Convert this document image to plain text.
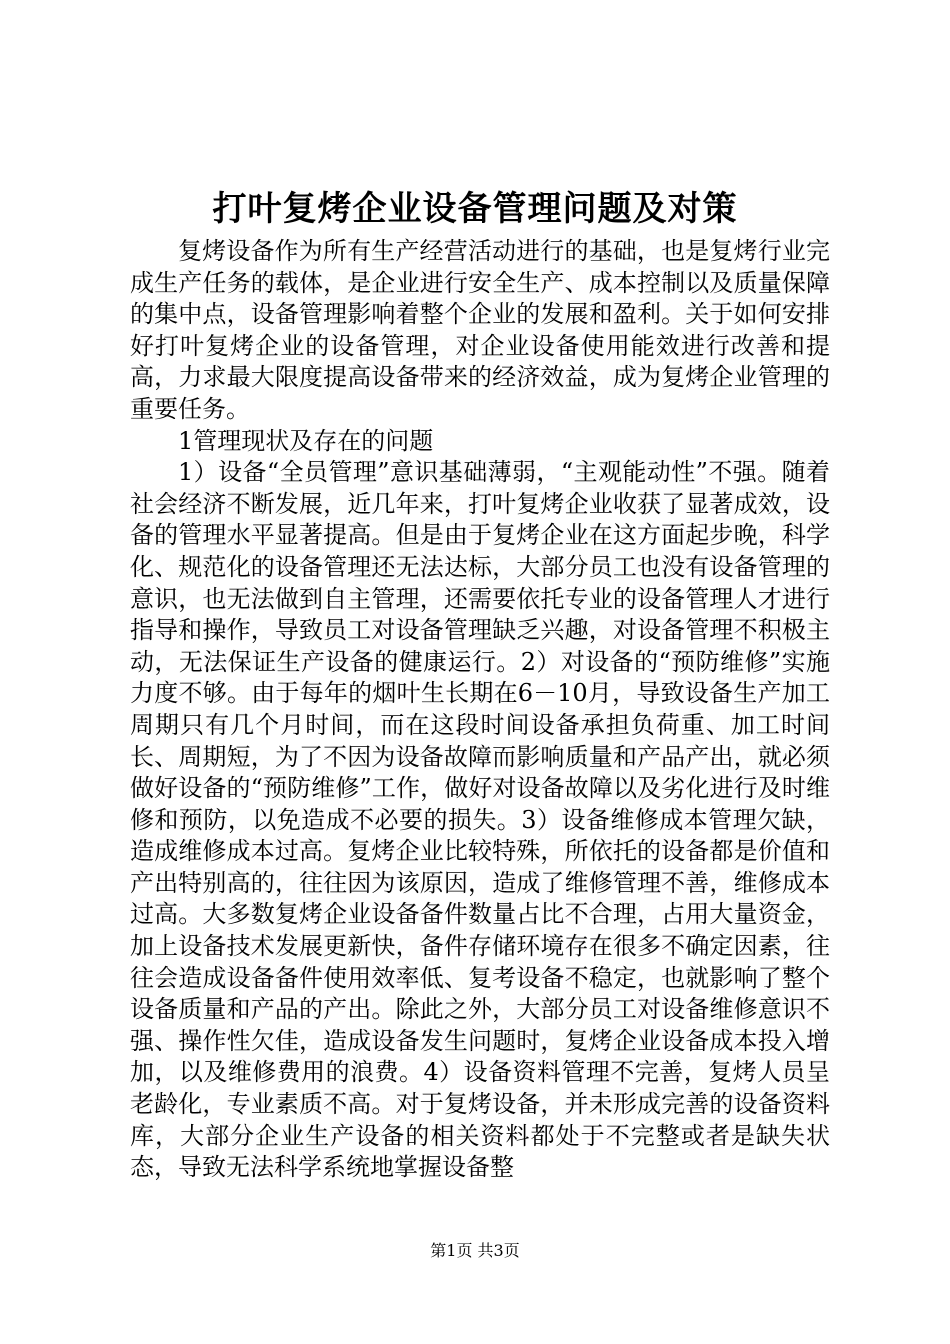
打叶复烤企业设备管理问题及对策

复烤设备作为所有生产经营活动进行的基础，也是复烤行业完成生产任务的载体，是企业进行安全生产、成本控制以及质量保障的集中点，设备管理影响着整个企业的发展和盈利。关于如何安排好打叶复烤企业的设备管理，对企业设备使用能效进行改善和提高，力求最大限度提高设备带来的经济效益，成为复烤企业管理的重要任务。

1管理现状及存在的问题

1）设备“全员管理”意识基础薄弱，“主观能动性”不强。随着社会经济不断发展，近几年来，打叶复烤企业收获了显著成效，设备的管理水平显著提高。但是由于复烤企业在这方面起步晚，科学化、规范化的设备管理还无法达标，大部分员工也没有设备管理的意识，也无法做到自主管理，还需要依托专业的设备管理人才进行指导和操作，导致员工对设备管理缺乏兴趣，对设备管理不积极主动，无法保证生产设备的健康运行。2）对设备的“预防维修”实施力度不够。由于每年的烟叶生长期在6－10月，导致设备生产加工周期只有几个月时间，而在这段时间设备承担负荷重、加工时间长、周期短，为了不因为设备故障而影响质量和产品产出，就必须做好设备的“预防维修”工作，做好对设备故障以及劣化进行及时维修和预防，以免造成不必要的损失。3）设备维修成本管理欠缺，造成维修成本过高。复烤企业比较特殊，所依托的设备都是价值和产出特别高的，往往因为该原因，造成了维修管理不善，维修成本过高。大多数复烤企业设备备件数量占比不合理，占用大量资金，加上设备技术发展更新快，备件存储环境存在很多不确定因素，往往会造成设备备件使用效率低、复考设备不稳定，也就影响了整个设备质量和产品的产出。除此之外，大部分员工对设备维修意识不强、操作性欠佳，造成设备发生问题时，复烤企业设备成本投入增加，以及维修费用的浪费。4）设备资料管理不完善，复烤人员呈老龄化，专业素质不高。对于复烤设备，并未形成完善的设备资料库，大部分企业生产设备的相关资料都处于不完整或者是缺失状态，导致无法科学系统地掌握设备整

第1页 共3页
